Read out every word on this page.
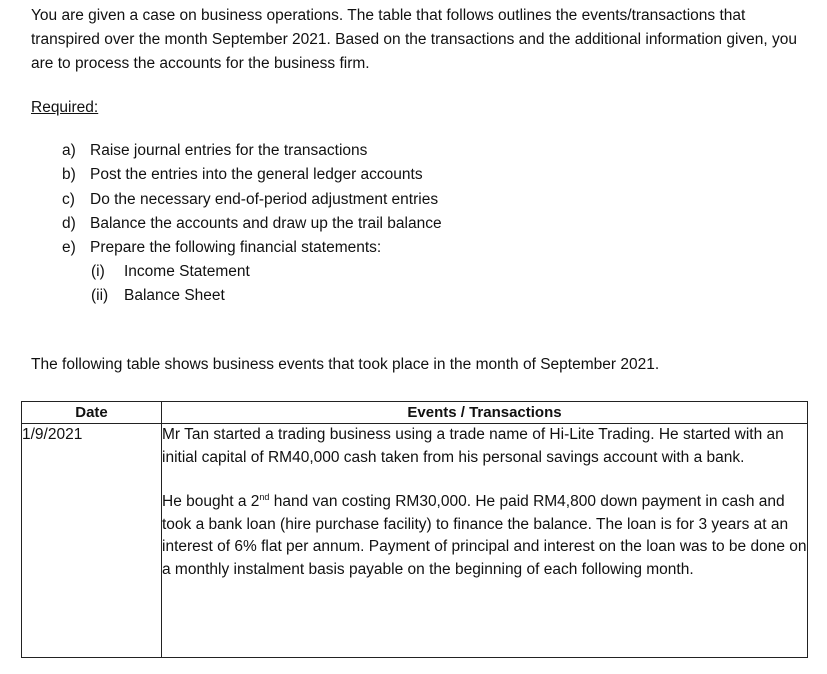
You are given a case on business operations. The table that follows outlines the events/transactions that transpired over the month September 2021. Based on the transactions and the additional information given, you are to process the accounts for the business firm.

Required:

a) Raise journal entries for the transactions
b) Post the entries into the general ledger accounts
c) Do the necessary end-of-period adjustment entries
d) Balance the accounts and draw up the trail balance
e) Prepare the following financial statements:
(i)	Income Statement
(ii)	Balance Sheet

The following table shows business events that took place in the month of September 2021.

Date	Events / Transactions
1/9/2021	Mr Tan started a trading business using a trade name of Hi-Lite Trading. He started with an initial capital of RM40,000 cash taken from his personal savings account with a bank.

He bought a 2nd hand van costing RM30,000. He paid RM4,800 down payment in cash and took a bank loan (hire purchase facility) to finance the balance. The loan is for 3 years at an interest of 6% flat per annum. Payment of principal and interest on the loan was to be done on a monthly instalment basis payable on the beginning of each following month.
